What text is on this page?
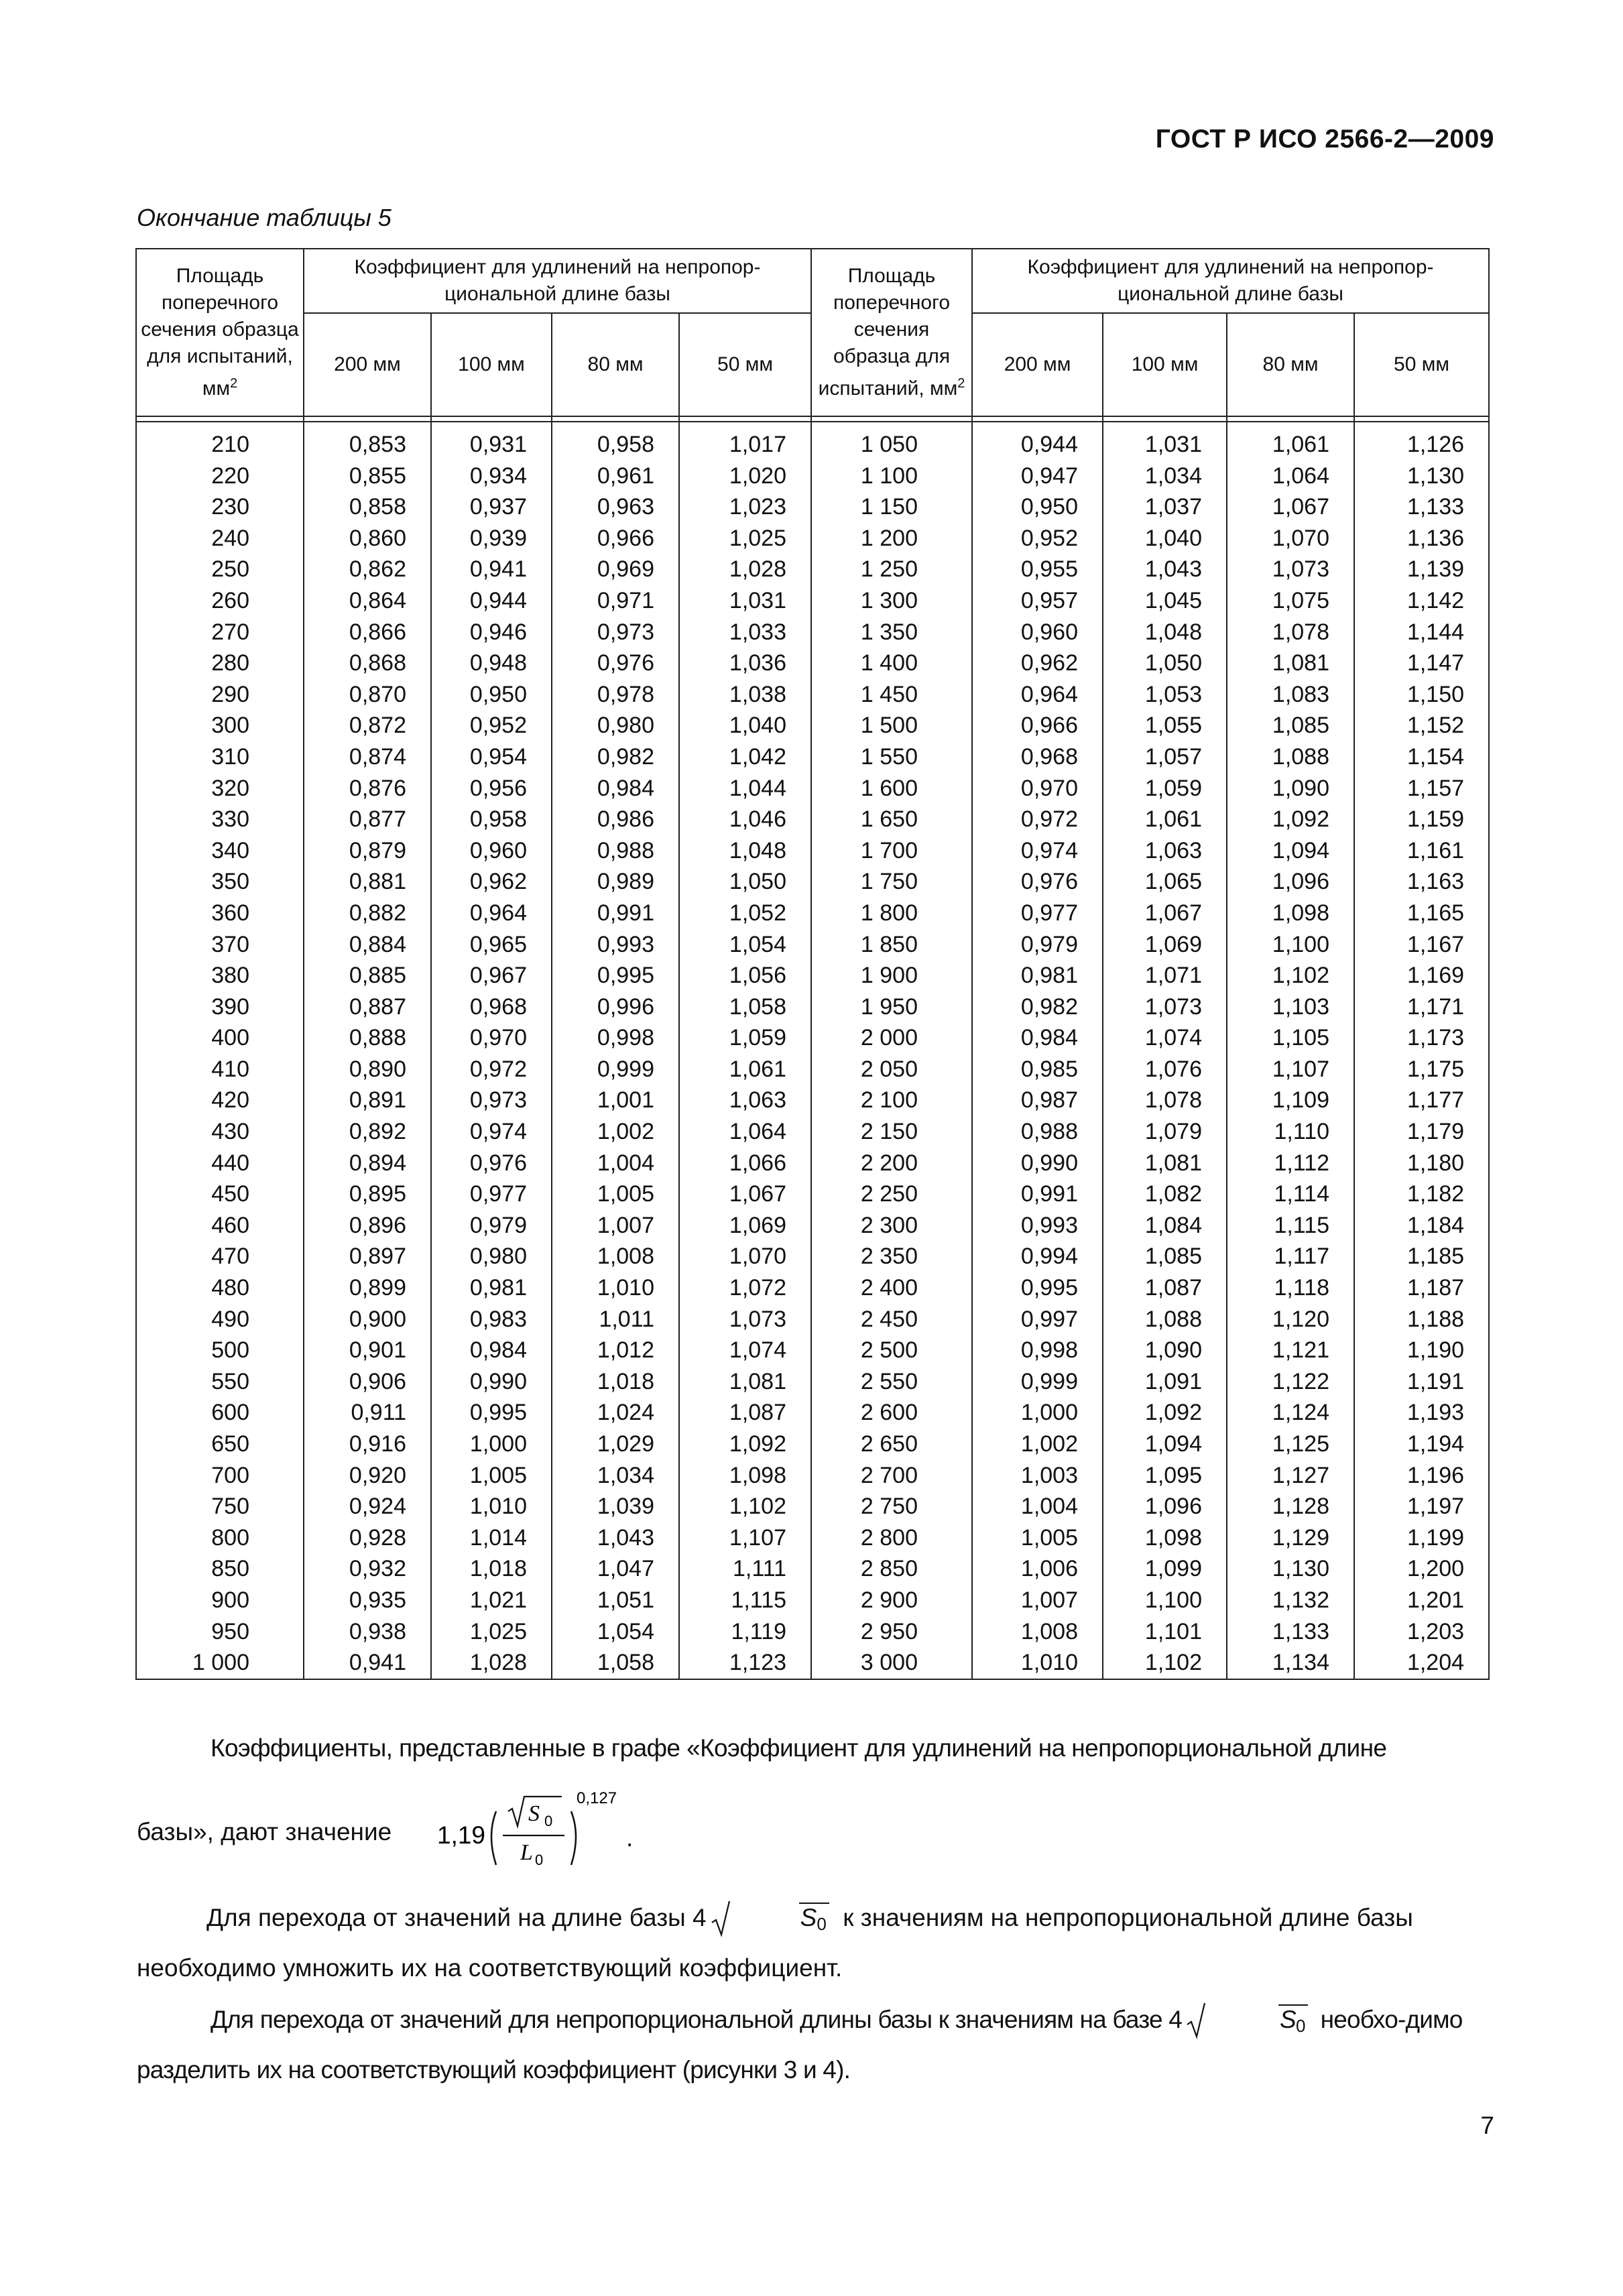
ГОСТ Р ИСО 2566-2—2009
Окончание таблицы 5
Площадь поперечного сечения образца для испытаний, $мм^2$	Коэффициент для удлинений на непропор-циональной длине базы				Площадь поперечного сечения образца для испытаний, $мм^2$	Коэффициент для удлинений на непропор-циональной длине базы			
	200 мм	100 мм	80 мм	50 мм		200 мм	100 мм	80 мм	50 мм

210	0,853	0,931	0,958	1,017	1 050	0,944	1,031	1,061	1,126
220	0,855	0,934	0,961	1,020	1 100	0,947	1,034	1,064	1,130
230	0,858	0,937	0,963	1,023	1 150	0,950	1,037	1,067	1,133
240	0,860	0,939	0,966	1,025	1 200	0,952	1,040	1,070	1,136
250	0,862	0,941	0,969	1,028	1 250	0,955	1,043	1,073	1,139
260	0,864	0,944	0,971	1,031	1 300	0,957	1,045	1,075	1,142
270	0,866	0,946	0,973	1,033	1 350	0,960	1,048	1,078	1,144
280	0,868	0,948	0,976	1,036	1 400	0,962	1,050	1,081	1,147
290	0,870	0,950	0,978	1,038	1 450	0,964	1,053	1,083	1,150
300	0,872	0,952	0,980	1,040	1 500	0,966	1,055	1,085	1,152
310	0,874	0,954	0,982	1,042	1 550	0,968	1,057	1,088	1,154
320	0,876	0,956	0,984	1,044	1 600	0,970	1,059	1,090	1,157
330	0,877	0,958	0,986	1,046	1 650	0,972	1,061	1,092	1,159
340	0,879	0,960	0,988	1,048	1 700	0,974	1,063	1,094	1,161
350	0,881	0,962	0,989	1,050	1 750	0,976	1,065	1,096	1,163
360	0,882	0,964	0,991	1,052	1 800	0,977	1,067	1,098	1,165
370	0,884	0,965	0,993	1,054	1 850	0,979	1,069	1,100	1,167
380	0,885	0,967	0,995	1,056	1 900	0,981	1,071	1,102	1,169
390	0,887	0,968	0,996	1,058	1 950	0,982	1,073	1,103	1,171
400	0,888	0,970	0,998	1,059	2 000	0,984	1,074	1,105	1,173
410	0,890	0,972	0,999	1,061	2 050	0,985	1,076	1,107	1,175
420	0,891	0,973	1,001	1,063	2 100	0,987	1,078	1,109	1,177
430	0,892	0,974	1,002	1,064	2 150	0,988	1,079	1,110	1,179
440	0,894	0,976	1,004	1,066	2 200	0,990	1,081	1,112	1,180
450	0,895	0,977	1,005	1,067	2 250	0,991	1,082	1,114	1,182
460	0,896	0,979	1,007	1,069	2 300	0,993	1,084	1,115	1,184
470	0,897	0,980	1,008	1,070	2 350	0,994	1,085	1,117	1,185
480	0,899	0,981	1,010	1,072	2 400	0,995	1,087	1,118	1,187
490	0,900	0,983	1,011	1,073	2 450	0,997	1,088	1,120	1,188
500	0,901	0,984	1,012	1,074	2 500	0,998	1,090	1,121	1,190
550	0,906	0,990	1,018	1,081	2 550	0,999	1,091	1,122	1,191
600	0,911	0,995	1,024	1,087	2 600	1,000	1,092	1,124	1,193
650	0,916	1,000	1,029	1,092	2 650	1,002	1,094	1,125	1,194
700	0,920	1,005	1,034	1,098	2 700	1,003	1,095	1,127	1,196
750	0,924	1,010	1,039	1,102	2 750	1,004	1,096	1,128	1,197
800	0,928	1,014	1,043	1,107	2 800	1,005	1,098	1,129	1,199
850	0,932	1,018	1,047	1,111	2 850	1,006	1,099	1,130	1,200
900	0,935	1,021	1,051	1,115	2 900	1,007	1,100	1,132	1,201
950	0,938	1,025	1,054	1,119	2 950	1,008	1,101	1,133	1,203
1 000	0,941	1,028	1,058	1,123	3 000	1,010	1,102	1,134	1,204
Коэффициенты, представленные в графе «Коэффициент для удлинений на непропорциональной длине
базы», дают значение 1,19
S 0
L 0
0,127
.
Для перехода от значений на длине базы 4	$S_0$ к значениям на непропорциональной длине базы необходимо умножить их на соответствующий коэффициент.
Для перехода от значений для непропорциональной длины базы к значениям на базе 4	$S_0$ необхо-димо разделить их на соответствующий коэффициент (рисунки 3 и 4).
7
